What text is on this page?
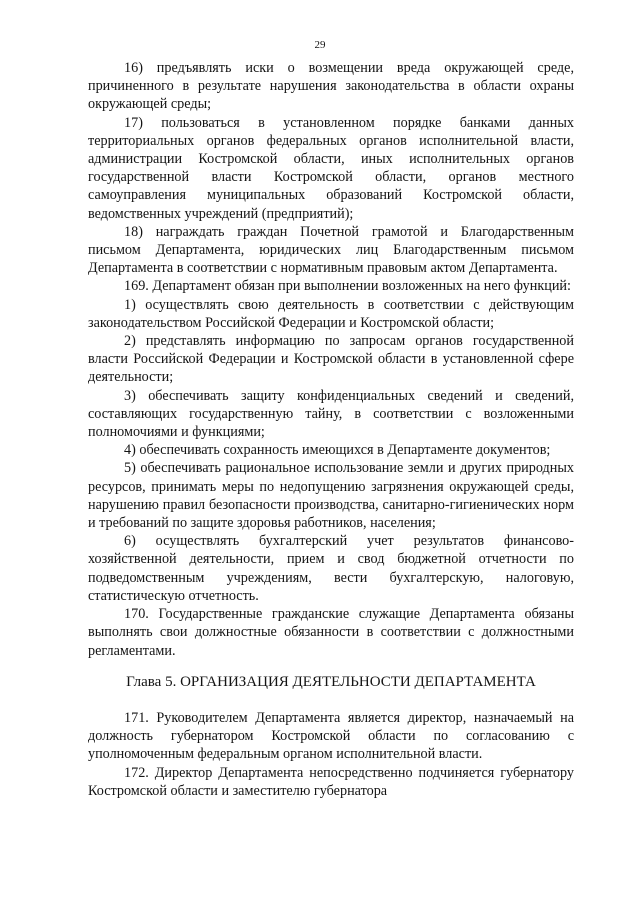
29

16) предъявлять иски о возмещении вреда окружающей среде, причиненного в результате нарушения законодательства в области охраны окружающей среды;

17) пользоваться в установленном порядке банками данных территориальных органов федеральных органов исполнительной власти, администрации Костромской области, иных исполнительных органов государственной власти Костромской области, органов местного самоуправления муниципальных образований Костромской области, ведомственных учреждений (предприятий);

18) награждать граждан Почетной грамотой и Благодарственным письмом Департамента, юридических лиц Благодарственным письмом Департамента в соответствии с нормативным правовым актом Департамента.

169. Департамент обязан при выполнении возложенных на него функций:

1) осуществлять свою деятельность в соответствии с действующим законодательством Российской Федерации и Костромской области;

2) представлять информацию по запросам органов государственной власти Российской Федерации и Костромской области в установленной сфере деятельности;

3) обеспечивать защиту конфиденциальных сведений и сведений, составляющих государственную тайну, в соответствии с возложенными полномочиями и функциями;

4) обеспечивать сохранность имеющихся в Департаменте документов;

5) обеспечивать рациональное использование земли и других природных ресурсов, принимать меры по недопущению загрязнения окружающей среды, нарушению правил безопасности производства, санитарно-гигиенических норм и требований по защите здоровья работников, населения;

6) осуществлять бухгалтерский учет результатов финансово-хозяйственной деятельности, прием и свод бюджетной отчетности по подведомственным учреждениям, вести бухгалтерскую, налоговую, статистическую отчетность.

170. Государственные гражданские служащие Департамента обязаны выполнять свои должностные обязанности в соответствии с должностными регламентами.

Глава 5. ОРГАНИЗАЦИЯ ДЕЯТЕЛЬНОСТИ ДЕПАРТАМЕНТА

171. Руководителем Департамента является директор, назначаемый на должность губернатором Костромской области по согласованию с уполномоченным федеральным органом исполнительной власти.

172. Директор Департамента непосредственно подчиняется губернатору Костромской области и заместителю губернатора
